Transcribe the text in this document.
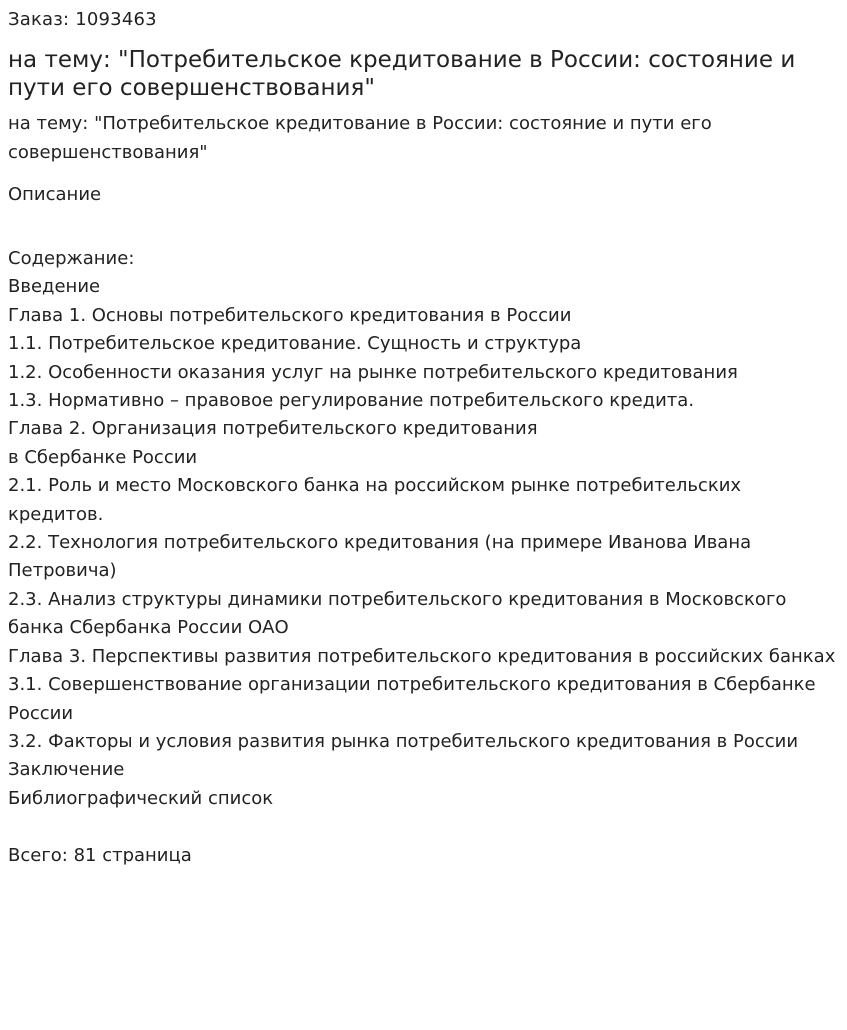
Заказ: 1093463
на тему: "Потребительское кредитование в России: состояние и пути его совершенствования"
на тему: "Потребительское кредитование в России: состояние и пути его совершенствования"
Описание
Содержание:
Введение
Глава 1. Основы потребительского кредитования в России
1.1. Потребительское кредитование. Сущность и структура
1.2. Особенности оказания услуг на рынке потребительского кредитования
1.3. Нормативно – правовое регулирование потребительского кредита.
Глава 2. Организация потребительского кредитования
в Сбербанке России
2.1. Роль и место Московского банка на российском рынке потребительских кредитов.
2.2. Технология потребительского кредитования (на примере Иванова Ивана Петровича)
2.3. Анализ структуры динамики потребительского кредитования в Московского банка Сбербанка России ОАО
Глава 3. Перспективы развития потребительского кредитования в российских банках
3.1. Совершенствование организации потребительского кредитования в Сбербанке России
3.2. Факторы и условия развития рынка потребительского кредитования в России
Заключение
Библиографический список
Всего: 81 страница
